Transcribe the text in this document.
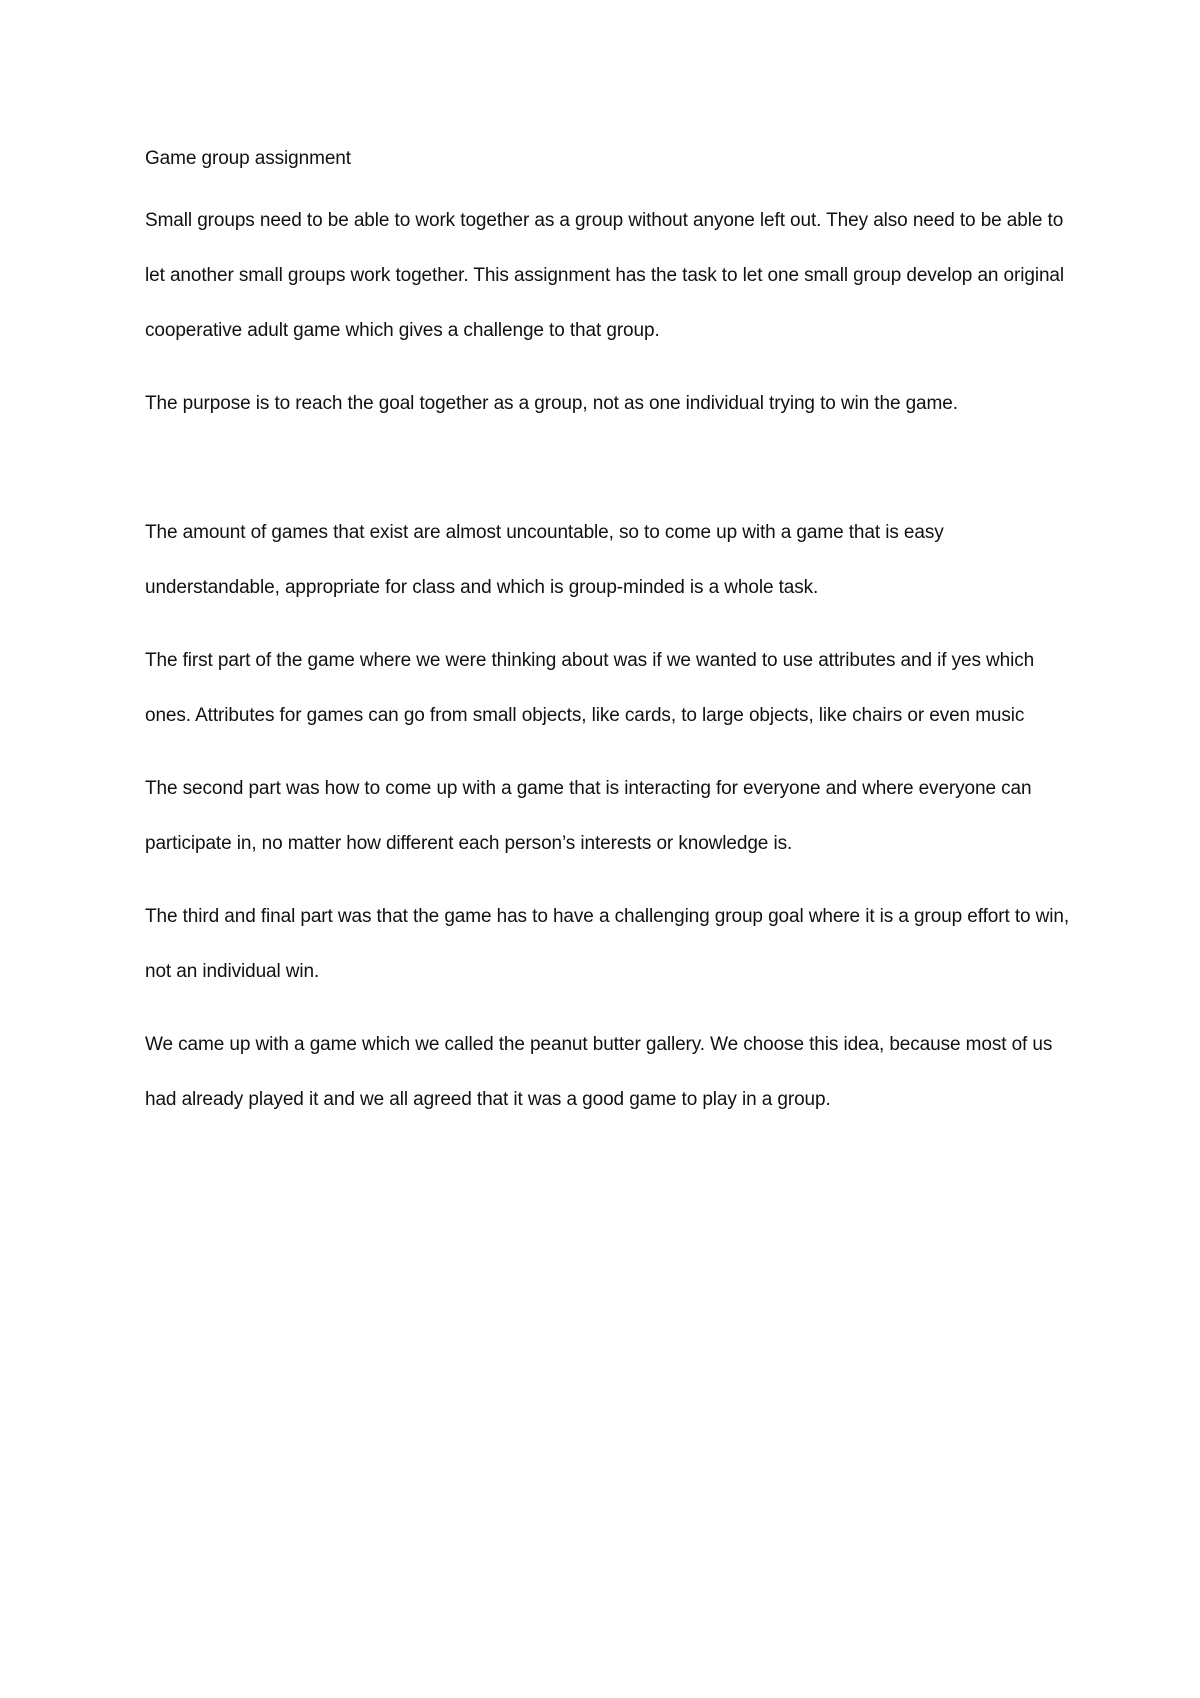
Game group assignment

Small groups need to be able to work together as a group without anyone left out. They also need to be able to let another small groups work together. This assignment has the task to let one small group develop an original cooperative adult game which gives a challenge to that group.

The purpose is to reach the goal together as a group, not as one individual trying to win the game.

The amount of games that exist are almost uncountable, so to come up with a game that is easy understandable, appropriate for class and which is group-minded is a whole task.

The first part of the game where we were thinking about was if we wanted to use attributes and if yes which ones. Attributes for games can go from small objects, like cards, to large objects, like chairs or even music

The second part was how to come up with a game that is interacting for everyone and where everyone can participate in, no matter how different each person’s interests or knowledge is.

The third and final part was that the game has to have a challenging group goal where it is a group effort to win, not an individual win.

We came up with a game which we called the peanut butter gallery. We choose this idea, because most of us had already played it and we all agreed that it was a good game to play in a group.
